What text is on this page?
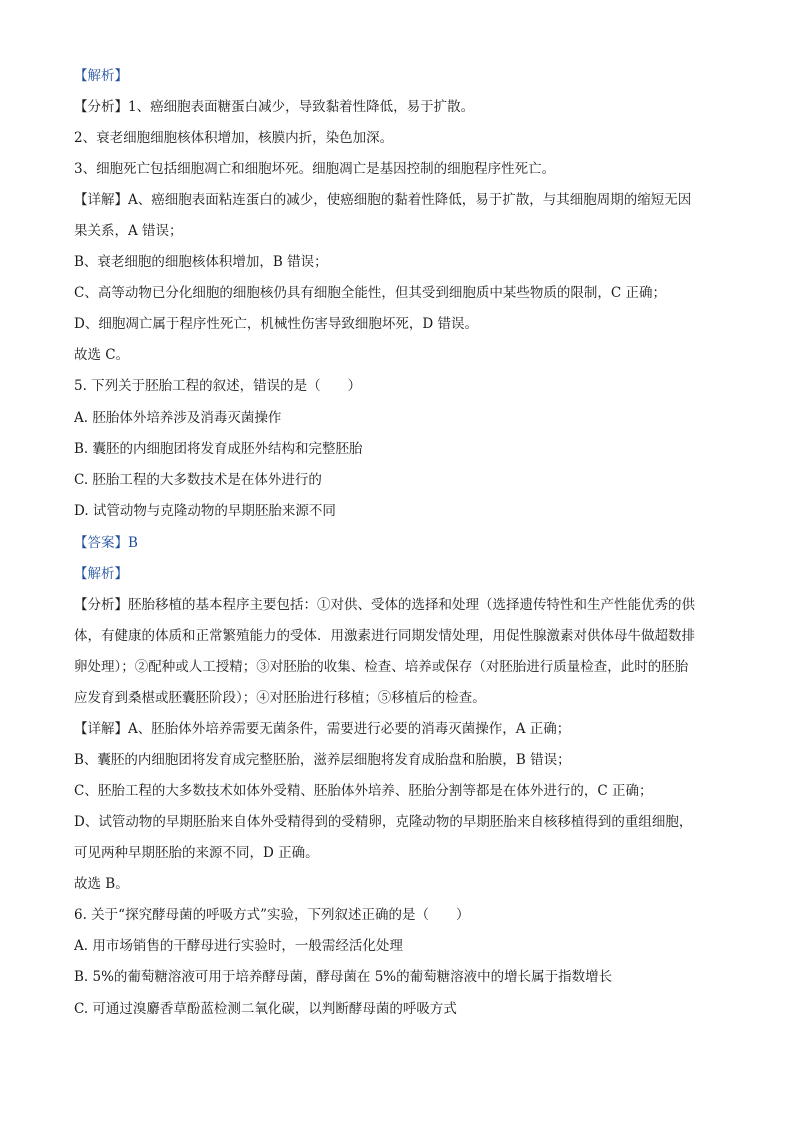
【解析】
【分析】1、癌细胞表面糖蛋白减少，导致黏着性降低，易于扩散。
2、衰老细胞细胞核体积增加，核膜内折，染色加深。
3、细胞死亡包括细胞凋亡和细胞坏死。细胞凋亡是基因控制的细胞程序性死亡。
【详解】A、癌细胞表面粘连蛋白的减少，使癌细胞的黏着性降低，易于扩散，与其细胞周期的缩短无因
果关系，A 错误；
B、衰老细胞的细胞核体积增加，B 错误；
C、高等动物已分化细胞的细胞核仍具有细胞全能性，但其受到细胞质中某些物质的限制，C 正确；
D、细胞凋亡属于程序性死亡，机械性伤害导致细胞坏死，D 错误。
故选 C。
5. 下列关于胚胎工程的叙述，错误的是（　　）
A. 胚胎体外培养涉及消毒灭菌操作
B. 囊胚的内细胞团将发育成胚外结构和完整胚胎
C. 胚胎工程的大多数技术是在体外进行的
D. 试管动物与克隆动物的早期胚胎来源不同
【答案】B
【解析】
【分析】胚胎移植的基本程序主要包括：①对供、受体的选择和处理（选择遗传特性和生产性能优秀的供
体，有健康的体质和正常繁殖能力的受体．用激素进行同期发情处理，用促性腺激素对供体母牛做超数排
卵处理）；②配种或人工授精；③对胚胎的收集、检查、培养或保存（对胚胎进行质量检查，此时的胚胎
应发育到桑椹或胚囊胚阶段）；④对胚胎进行移植；⑤移植后的检查。
【详解】A、胚胎体外培养需要无菌条件，需要进行必要的消毒灭菌操作，A 正确；
B、囊胚的内细胞团将发育成完整胚胎，滋养层细胞将发育成胎盘和胎膜，B 错误；
C、胚胎工程的大多数技术如体外受精、胚胎体外培养、胚胎分割等都是在体外进行的，C 正确；
D、试管动物的早期胚胎来自体外受精得到的受精卵，克隆动物的早期胚胎来自核移植得到的重组细胞，
可见两种早期胚胎的来源不同，D 正确。
故选 B。
6. 关于“探究酵母菌的呼吸方式”实验，下列叙述正确的是（　　）
A. 用市场销售的干酵母进行实验时，一般需经活化处理
B. 5%的葡萄糖溶液可用于培养酵母菌，酵母菌在 5%的葡萄糖溶液中的增长属于指数增长
C. 可通过溴麝香草酚蓝检测二氧化碳，以判断酵母菌的呼吸方式
